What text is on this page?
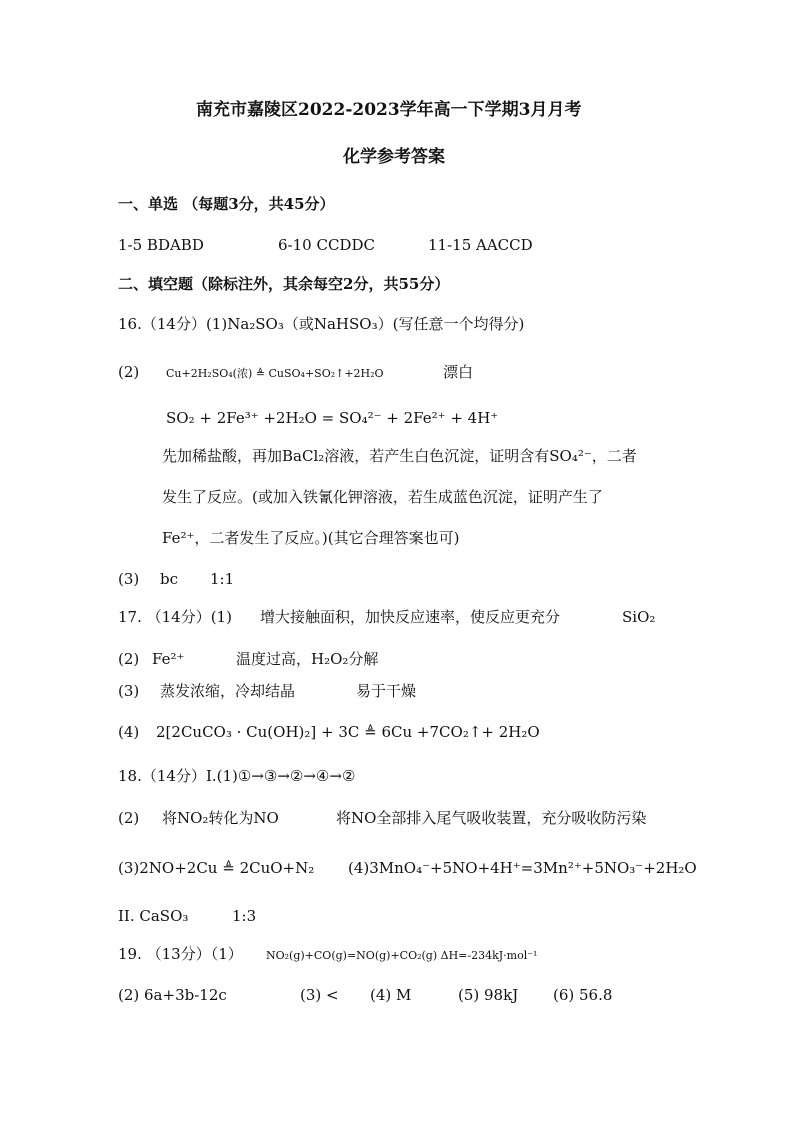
南充市嘉陵区2022-2023学年高一下学期3月月考
化学参考答案
一、单选 （每题3分，共45分）
1-5 BDABD	6-10 CCDDC	11-15 AACCD
二、填空题（除标注外，其余每空2分，共55分）
16.（14分）(1)Na₂SO₃（或NaHSO₃）(写任意一个均得分)
(2) Cu+2H₂SO₄(浓) ≜ CuSO₄+SO₂↑+2H₂O	漂白
SO₂ + 2Fe³⁺ +2H₂O = SO₄²⁻ + 2Fe²⁺ + 4H⁺
先加稀盐酸，再加BaCl₂溶液，若产生白色沉淀，证明含有SO₄²⁻，二者
发生了反应。(或加入铁氰化钾溶液，若生成蓝色沉淀，证明产生了
Fe²⁺，二者发生了反应。)(其它合理答案也可)
(3) bc 1:1
17. （14分）(1) 增大接触面积，加快反应速率，使反应更充分	SiO₂
(2) Fe²⁺	温度过高，H₂O₂分解
(3) 蒸发浓缩，冷却结晶	易于干燥
(4) 2[2CuCO₃ · Cu(OH)₂] + 3C ≜ 6Cu +7CO₂↑+ 2H₂O
18.（14分）I.(1)①→③→②→④→②
(2) 将NO₂转化为NO	将NO全部排入尾气吸收装置，充分吸收防污染
(3)2NO+2Cu ≜ 2CuO+N₂ (4)3MnO₄⁻+5NO+4H⁺=3Mn²⁺+5NO₃⁻+2H₂O
II. CaSO₃	1:3
19. （13分）（1） NO₂(g)+CO(g)=NO(g)+CO₂(g) ΔH=-234kJ·mol⁻¹
(2) 6a+3b-12c	(3) < (4) M	(5) 98kJ (6) 56.8
